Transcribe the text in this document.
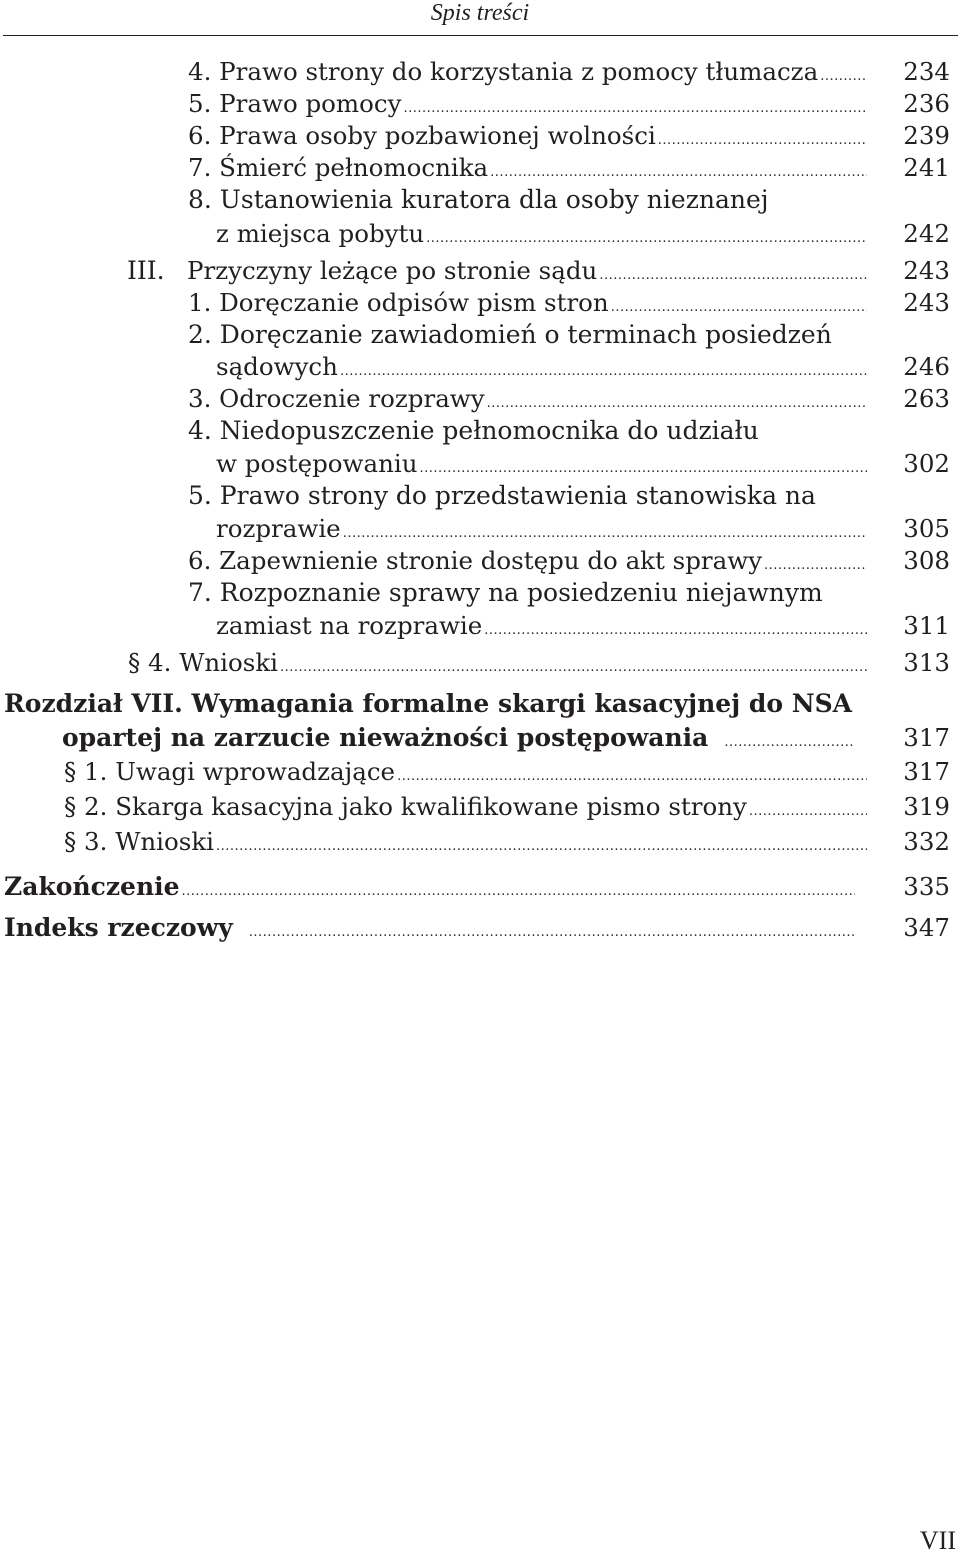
Spis treści
4. Prawo strony do korzystania z pomocy tłumacza .....	234
5. Prawo pomocy .....	236
6. Prawa osoby pozbawionej wolności .....	239
7. Śmierć pełnomocnika .....	241
8. Ustanowienia kuratora dla osoby nieznanej
z miejsca pobytu .....	242
III. Przyczyny leżące po stronie sądu .....	243
1. Doręczanie odpisów pism stron .....	243
2. Doręczanie zawiadomień o terminach posiedzeń
sądowych .....	246
3. Odroczenie rozprawy .....	263
4. Niedopuszczenie pełnomocnika do udziału
w postępowaniu .....	302
5. Prawo strony do przedstawienia stanowiska na
rozprawie .....	305
6. Zapewnienie stronie dostępu do akt sprawy .....	308
7. Rozpoznanie sprawy na posiedzeniu niejawnym
zamiast na rozprawie .....	311
§ 4. Wnioski .....	313
Rozdział VII. Wymagania formalne skargi kasacyjnej do NSA
opartej na zarzucie nieważności postępowania .....	317
§ 1. Uwagi wprowadzające .....	317
§ 2. Skarga kasacyjna jako kwalifikowane pismo strony .....	319
§ 3. Wnioski .....	332
Zakończenie .....	335
Indeks rzeczowy .....	347
VII
